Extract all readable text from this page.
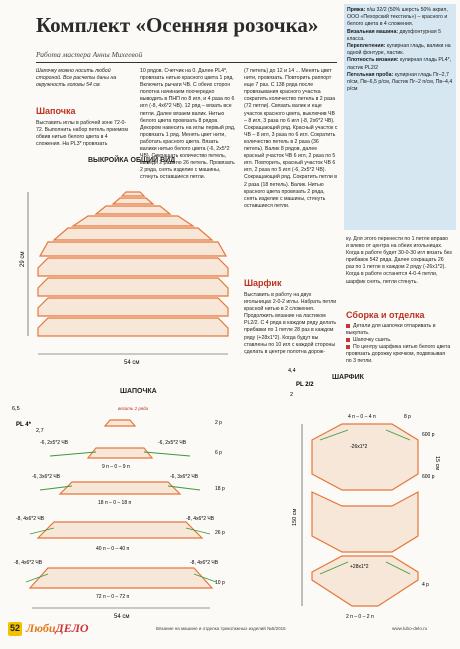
Комплект «Осенняя розочка»
Работа мастера Анны Михеевой
Пряжа: п/ш 32/2 (50% шерсть 50% акрил, ООО «Пехорский текстиль») – красного и белого цвета в 4 сложения.
Вязальная машина: двухфонтурная 5 класса.
Переплетения: кулирная гладь, валики на одной фонтуре, ластик.
Плотность вязания: кулирная гладь PL4*, ластик PL2/2
Петельная проба: кулирная гладь Пг–2,7 п/см, Пв–6,5 р/см, Ластик Пг–2 п/см, Пв–4,4 р/см
Шапочку можно носить любой стороной. Все расчеты даны на окружность головы 54 см.
Шапочка
Выставить иглы в рабочей зоне 72-0-72. Выполнить набор петель приемом обвив нитью белого цвета в 4 сложения. На PL3* провязать
10 рядов. Счетчик на 0. Далее PL4*, провязать нитью красного цвета 1 ряд. Включить рычаги ЧВ. С обеих сторон полотна начинаем поочередно выводить в ПНП по 8 игл, и 4 раза по 6 игл (-8, 4х6*2 ЧВ). 12 ряд – вязать все петли. Далее вязаем валик. Нитью белого цвета провязать 8 рядов. Декором навесить на иглы первый ряд, провязать 1 ряд. Менять цвет нити, работать красного цвета. Вязать валики нитью белого цвета (-6, 2х5*2 ЧВ). Сокращать количество петель, выведя 2 раза по 26 петель. Провязать 2 ряда, снять изделие с машины, стянуть оставшиеся петли.
(7 петель) до 12 и 14 ... Менять цвет нити, провязать. Повторить раппорт еще 7 раз. С 138 ряда после провязывания красного участка сократить количество петель в 2 раза (72 петли). Связать валик и еще участок красного цвета, выключив ЧВ – 8 игл, 3 раза по 6 игл (-8, 2х6*2 ЧВ). Сокращающий ряд. Красный участок с ЧВ – 8 игл, 3 раза по 6 игл. Сократить количество петель в 2 раза (36 петель). Валик 8 рядов, далее красный участок ЧВ 6 игл, 2 раза по 5 игл. Повторить, красный участок ЧВ 6 игл, 2 раза по 5 игл (-6, 2х5*2 ЧВ). Сокращающий ряд. Сократить петли в 2 раза (18 петель). Валик. Нитью красного цвета провязать 2 ряда, снять изделие с машины, стянуть оставшиеся петли.
Шарфик
Выставить в работу на двух игольницах 2-0-2 иглы. Набрать петли красной нитью в 2 сложения. Продолжить вязание на ластиком PL2/2. С 4 ряда в каждом ряду делать прибавки по 1 петле 28 раз в каждом ряду (+28х1*2). Когда будут вы ставлены по 10 игл с каждой стороны сделать в центре полотна дорож-
ку. Для этого перенести по 1 петле вправо и влево от центра на обеих игольницах. Когда в работе будет 30-0-30 игл вязать без прибавок 542 ряда. Далее сокращать 26 раз по 1 петле в каждом 2 ряду (-26х1*2). Когда в работе останется 4-0-4 петли, шарфик снять, петли стянуть.
Сборка и отделка
Детали для шапочки отпаривать и выкупать.
Шапочку сшить.
По центру шарфика нитью белого цвета провязать дорожку крючком, подвязывая по 3 петли.
ВЫКРОЙКА ОБЩИЙ ВИД
29 см
54 см
ШАПОЧКА
6,5
PL 4*
2,7
вязать 2 ряда
2 р
-6, 2х5*2 ЧВ	-6, 2х5*2 ЧВ
6 р
9 п – 0 – 9 п
-6, 3х6*2 ЧВ	-6, 3х6*2 ЧВ
18 р
18 п – 0 – 18 п
-8, 4х6*2 ЧВ	-8, 4х6*2 ЧВ
26 р
40 п – 0 – 40 п
-8, 4х6*2 ЧВ	-8, 4х6*2 ЧВ
10 р
72 п – 0 – 72 п
54 см
ШАРФИК
4,4
PL 2/2
2
150 см
15 см
4 п – 0 – 4 п	8 р
600 р
-26х1*2
600 р
+28х1*2
4 р
2 п – 0 – 2 п
52 ЛюбиДЕЛО	Вязание на машине и отделка трикотажных изделий №5/2015	www.lubo-delo.ru
